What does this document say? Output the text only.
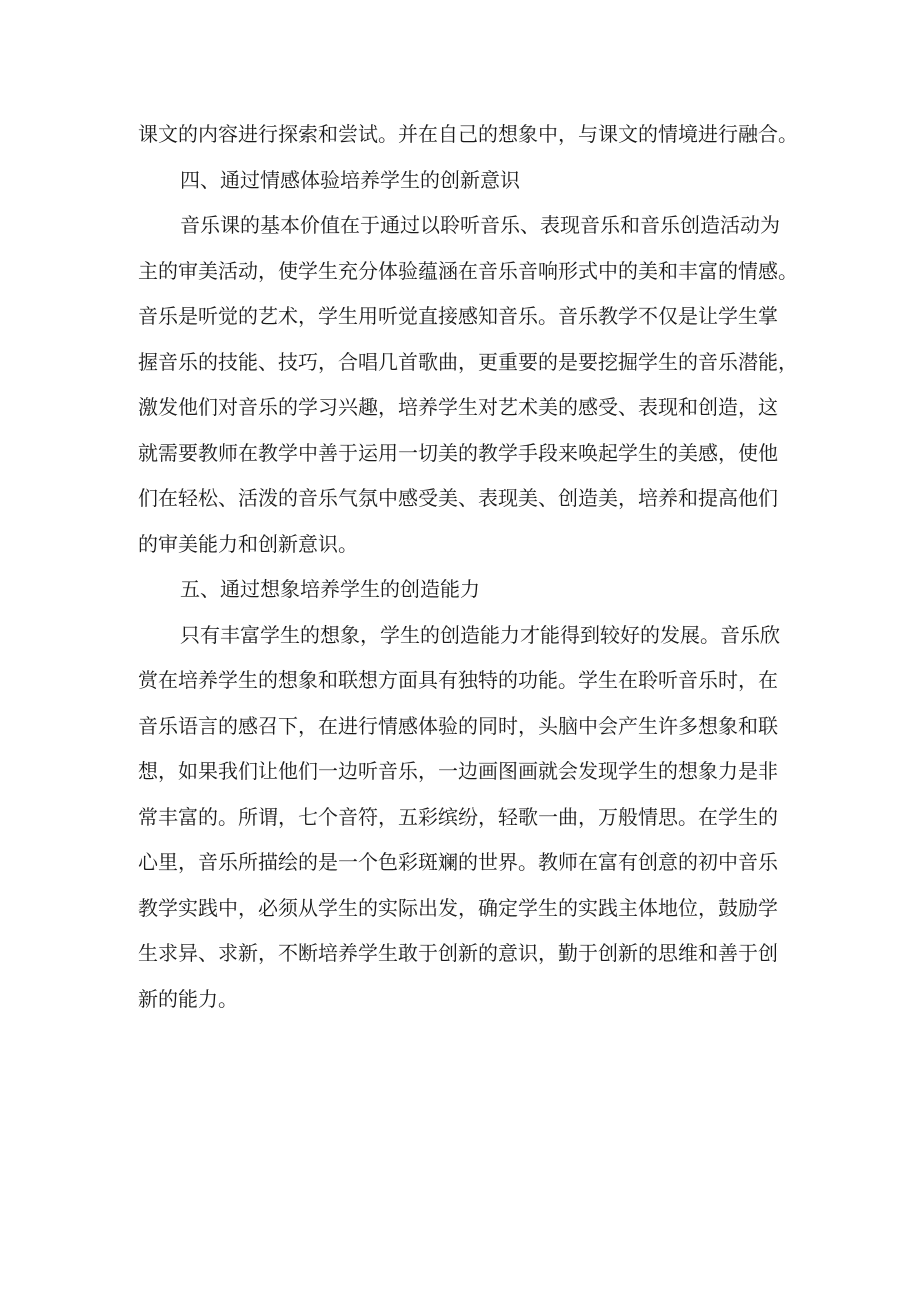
课文的内容进行探索和尝试。并在自己的想象中，与课文的情境进行融合。
四、通过情感体验培养学生的创新意识
音乐课的基本价值在于通过以聆听音乐、表现音乐和音乐创造活动为
主的审美活动，使学生充分体验蕴涵在音乐音响形式中的美和丰富的情感。
音乐是听觉的艺术，学生用听觉直接感知音乐。音乐教学不仅是让学生掌
握音乐的技能、技巧，合唱几首歌曲，更重要的是要挖掘学生的音乐潜能，
激发他们对音乐的学习兴趣，培养学生对艺术美的感受、表现和创造，这
就需要教师在教学中善于运用一切美的教学手段来唤起学生的美感，使他
们在轻松、活泼的音乐气氛中感受美、表现美、创造美，培养和提高他们
的审美能力和创新意识。
五、通过想象培养学生的创造能力
只有丰富学生的想象，学生的创造能力才能得到较好的发展。音乐欣
赏在培养学生的想象和联想方面具有独特的功能。学生在聆听音乐时，在
音乐语言的感召下，在进行情感体验的同时，头脑中会产生许多想象和联
想，如果我们让他们一边听音乐，一边画图画就会发现学生的想象力是非
常丰富的。所谓，七个音符，五彩缤纷，轻歌一曲，万般情思。在学生的
心里，音乐所描绘的是一个色彩斑斓的世界。教师在富有创意的初中音乐
教学实践中，必须从学生的实际出发，确定学生的实践主体地位，鼓励学
生求异、求新，不断培养学生敢于创新的意识，勤于创新的思维和善于创
新的能力。
